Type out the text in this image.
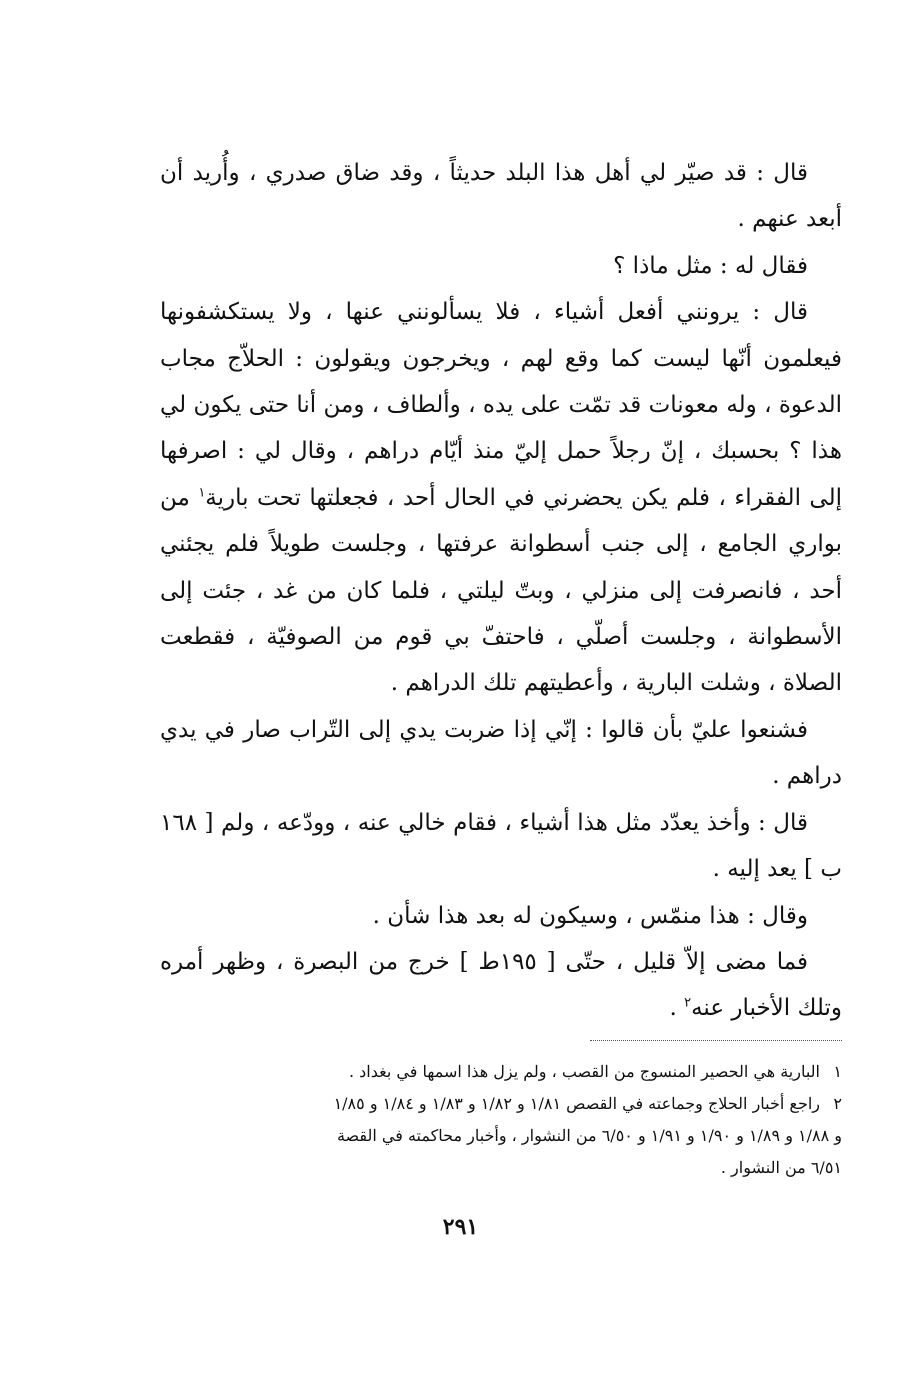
قال : قد صيّر لي أهل هذا البلد حديثاً ، وقد ضاق صدري ، وأُريد أن أبعد عنهم .

فقال له : مثل ماذا ؟

قال : يرونني أفعل أشياء ، فلا يسألونني عنها ، ولا يستكشفونها فيعلمون أنّها ليست كما وقع لهم ، ويخرجون ويقولون : الحلاّج مجاب الدعوة ، وله معونات قد تمّت على يده ، وألطاف ، ومن أنا حتى يكون لي هذا ؟ بحسبك ، إنّ رجلاً حمل إليّ منذ أيّام دراهم ، وقال لي : اصرفها إلى الفقراء ، فلم يكن يحضرني في الحال أحد ، فجعلتها تحت بارية$^١$ من بواري الجامع ، إلى جنب أسطوانة عرفتها ، وجلست طويلاً فلم يجئني أحد ، فانصرفت إلى منزلي ، وبتّ ليلتي ، فلما كان من غد ، جئت إلى الأسطوانة ، وجلست أصلّي ، فاحتفّ بي قوم من الصوفيّة ، فقطعت الصلاة ، وشلت البارية ، وأعطيتهم تلك الدراهم .

فشنعوا عليّ بأن قالوا : إنّي إذا ضربت يدي إلى التّراب صار في يدي دراهم .

قال : وأخذ يعدّد مثل هذا أشياء ، فقام خالي عنه ، وودّعه ، ولم [ ١٦٨ ب ] يعد إليه .

وقال : هذا منمّس ، وسيكون له بعد هذا شأن .

فما مضى إلاّ قليل ، حتّى [ ١٩٥ط ] خرج من البصرة ، وظهر أمره وتلك الأخبار عنه$^٢$ .

١البارية هي الحصير المنسوج من القصب ، ولم يزل هذا اسمها في بغداد .

٢راجع أخبار الحلاج وجماعته في القصص ١/٨١ و ١/٨٢ و ١/٨٣ و ١/٨٤ و ١/٨٥

و ١/٨٨ و ١/٨٩ و ١/٩٠ و ١/٩١ و ٦/٥٠ من النشوار ، وأخبار محاكمته في القصة

٦/٥١ من النشوار .

٢٩١
